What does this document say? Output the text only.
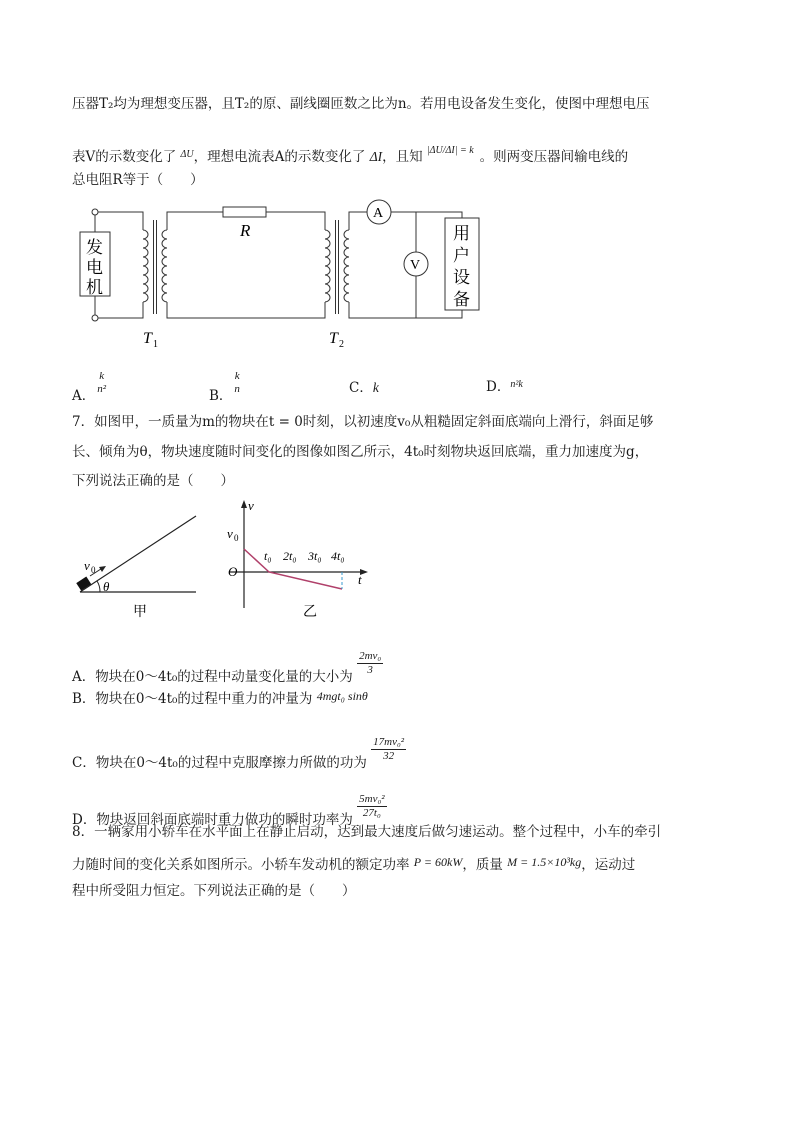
压器T₂均为理想变压器，且T₂的原、副线圈匝数之比为n。若用电设备发生变化，使图中理想电压
表V的示数变化了 $^{\Delta U}$，理想电流表A的示数变化了 ΔI，且知 $^{|\Delta U/\Delta I| = k}$ 。则两变压器间输电线的
总电阻R等于（　　）
发
电
机
R
T 1	T 2
A
V
用
户
设
备
A．
k
n²	B．
k
n	C．k	D．$^{n^2k}$
7．如图甲，一质量为m的物块在t = 0时刻，以初速度v₀从粗糙固定斜面底端向上滑行，斜面足够
长、倾角为θ，物块速度随时间变化的图像如图乙所示，4t₀时刻物块返回底端，重力加速度为g，
下列说法正确的是（　　）
v 0
θ
甲
v
t
O
v 0
t₀ 2t₀ 3t₀ 4t₀
乙
A．物块在0～4t₀的过程中动量变化量的大小为 $\frac{\text{2mv₀}}{3}$
B．物块在0～4t₀的过程中重力的冲量为 4mgt₀ sinθ
C．物块在0～4t₀的过程中克服摩擦力所做的功为 $\frac{\text{17mv₀²}}{32}$
D．物块返回斜面底端时重力做功的瞬时功率为 $\frac{\text{5mv₀²}}{\text{27t₀}}$
8．一辆家用小轿车在水平面上在静止启动，达到最大速度后做匀速运动。整个过程中，小车的牵引
力随时间的变化关系如图所示。小轿车发动机的额定功率 P = 60kW，质量 M = 1.5×10³kg，运动过
程中所受阻力恒定。下列说法正确的是（　　）
